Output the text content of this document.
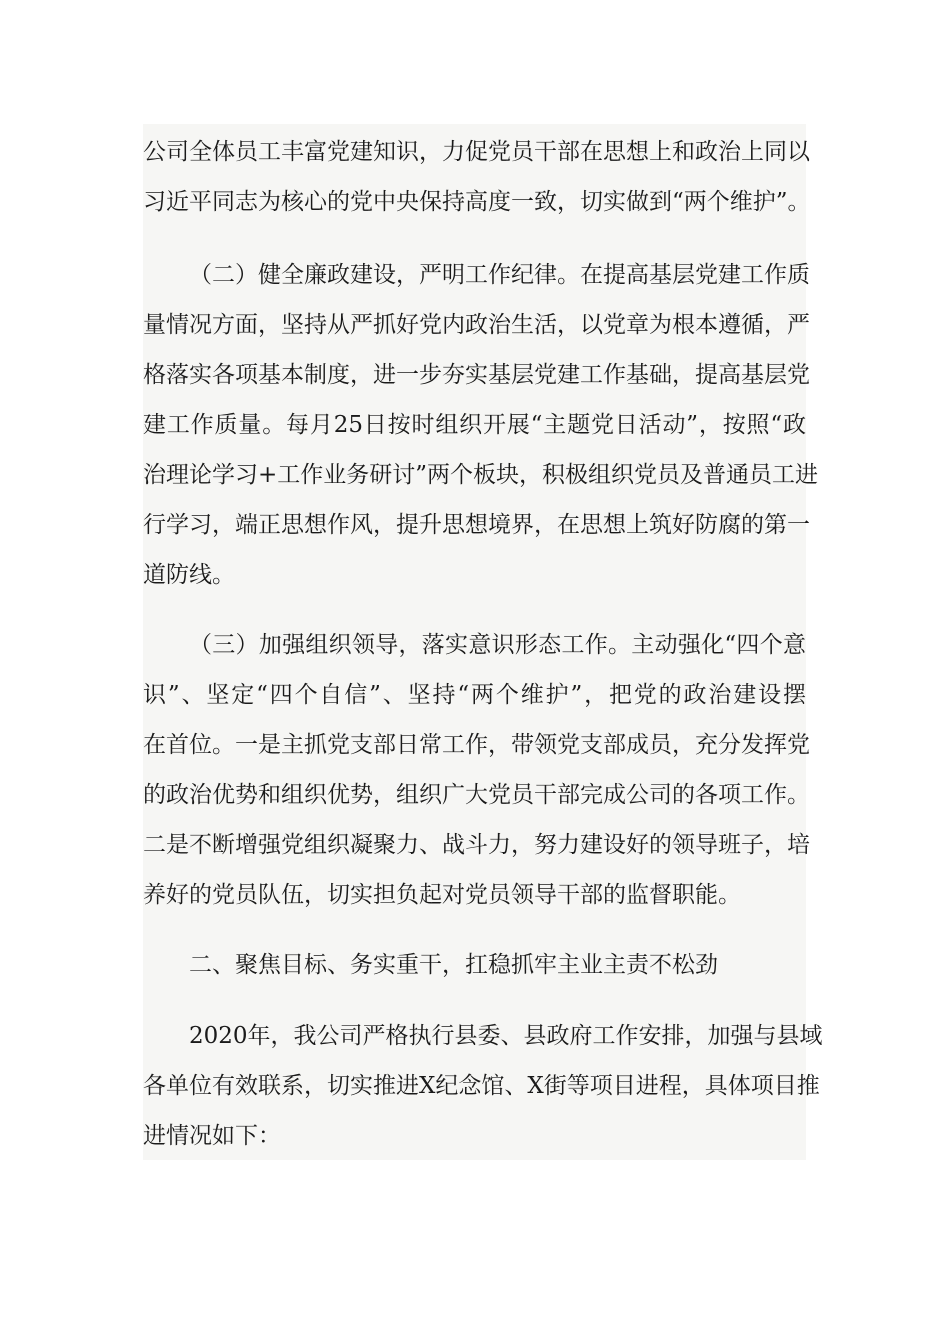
公司全体员工丰富党建知识，力促党员干部在思想上和政治上同以
习近平同志为核心的党中央保持高度一致，切实做到“两个维护”。
（二）健全廉政建设，严明工作纪律。在提高基层党建工作质
量情况方面，坚持从严抓好党内政治生活，以党章为根本遵循，严
格落实各项基本制度，进一步夯实基层党建工作基础，提高基层党
建工作质量。每月25日按时组织开展“主题党日活动”，按照“政
治理论学习+工作业务研讨”两个板块，积极组织党员及普通员工进
行学习，端正思想作风，提升思想境界，在思想上筑好防腐的第一
道防线。
（三）加强组织领导，落实意识形态工作。主动强化“四个意
识”、坚定“四个自信”、坚持“两个维护”，把党的政治建设摆
在首位。一是主抓党支部日常工作，带领党支部成员，充分发挥党
的政治优势和组织优势，组织广大党员干部完成公司的各项工作。
二是不断增强党组织凝聚力、战斗力，努力建设好的领导班子，培
养好的党员队伍，切实担负起对党员领导干部的监督职能。
二、聚焦目标、务实重干，扛稳抓牢主业主责不松劲
2020年，我公司严格执行县委、县政府工作安排，加强与县域
各单位有效联系，切实推进X纪念馆、X街等项目进程，具体项目推
进情况如下：
